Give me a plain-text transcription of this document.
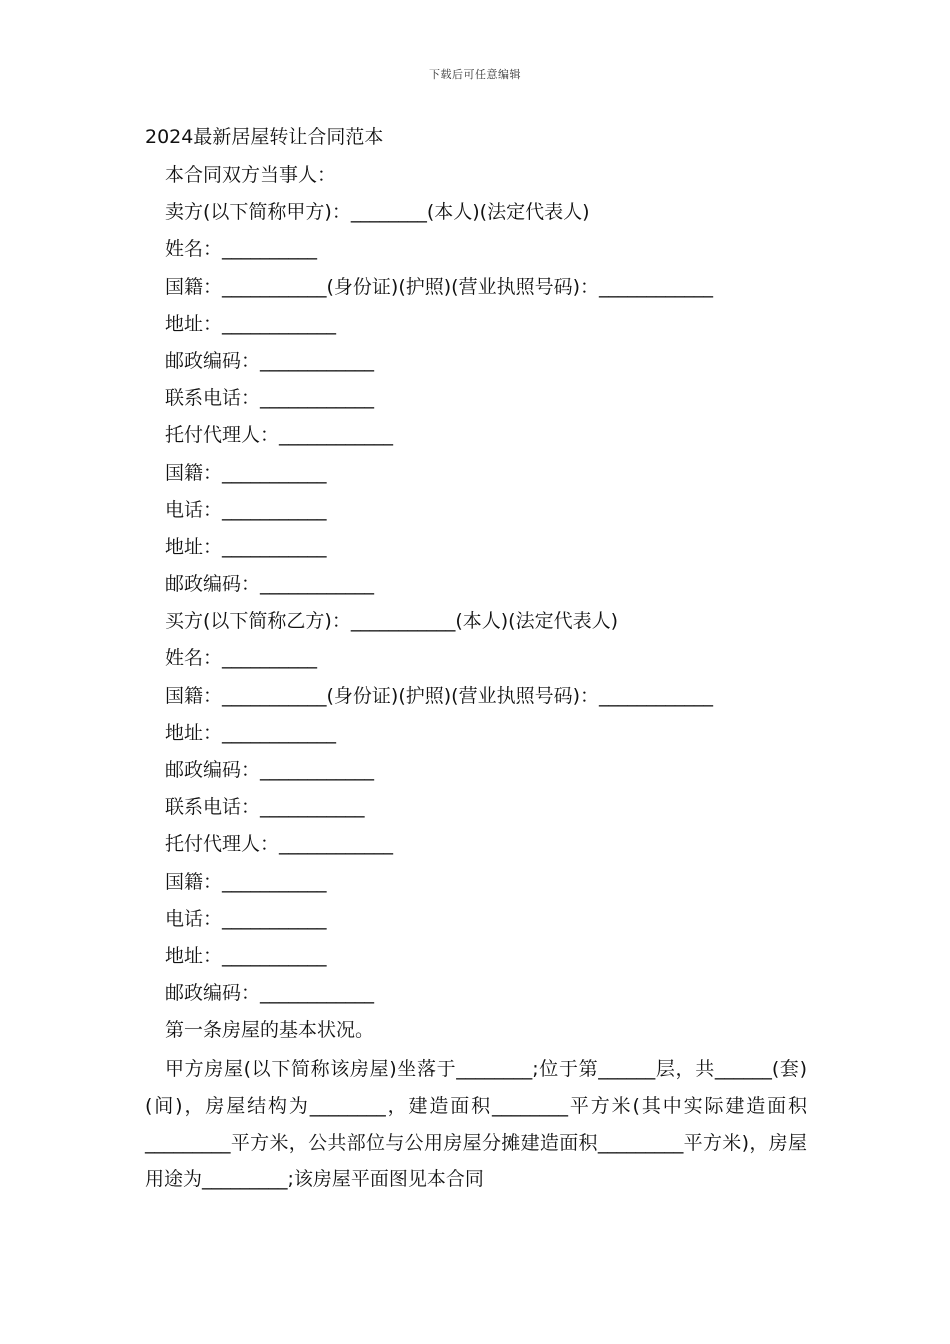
下载后可任意编辑
2024最新居屋转让合同范本
本合同双方当事人：
卖方(以下简称甲方)：________(本人)(法定代表人)
姓名：__________
国籍：___________(身份证)(护照)(营业执照号码)：____________
地址：____________
邮政编码：____________
联系电话：____________
托付代理人：____________
国籍：___________
电话：___________
地址：___________
邮政编码：____________
买方(以下简称乙方)：___________(本人)(法定代表人)
姓名：__________
国籍：___________(身份证)(护照)(营业执照号码)：____________
地址：____________
邮政编码：____________
联系电话：___________
托付代理人：____________
国籍：___________
电话：___________
地址：___________
邮政编码：____________
第一条房屋的基本状况。

甲方房屋(以下简称该房屋)坐落于________;位于第______层，共______(套)(间)，房屋结构为________，建造面积________平方米(其中实际建造面积_________平方米，公共部位与公用房屋分摊建造面积_________平方米)，房屋用途为_________;该房屋平面图见本合同
